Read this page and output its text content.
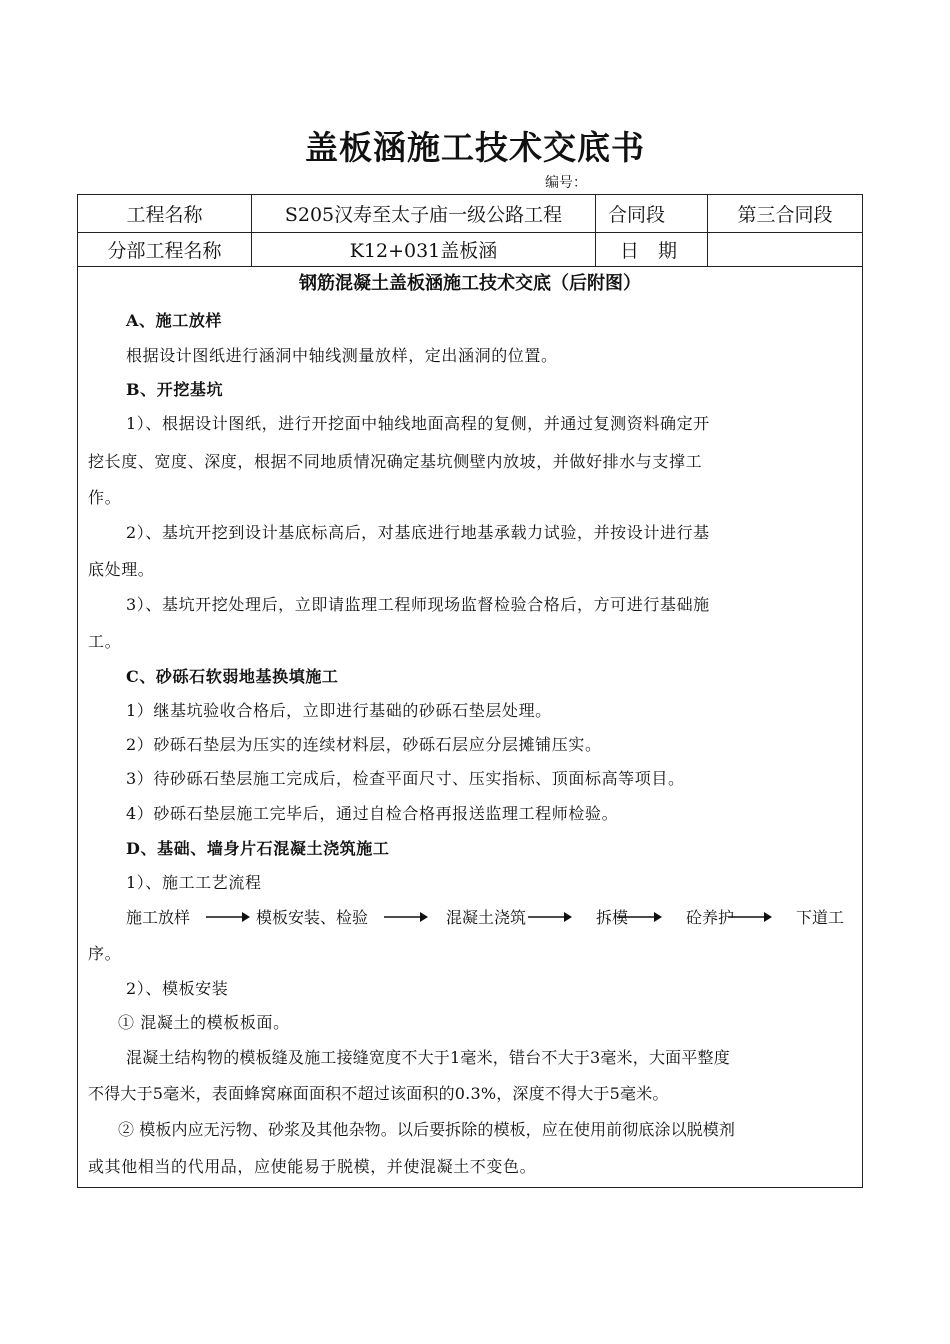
盖板涵施工技术交底书
编号：
工程名称	S205汉寿至太子庙一级公路工程	合同段	第三合同段
分部工程名称	K12+031盖板涵	日　期
钢筋混凝土盖板涵施工技术交底（后附图）
A、施工放样
根据设计图纸进行涵洞中轴线测量放样，定出涵洞的位置。
B、开挖基坑
1）、根据设计图纸，进行开挖面中轴线地面高程的复侧，并通过复测资料确定开
挖长度、宽度、深度，根据不同地质情况确定基坑侧壁内放坡，并做好排水与支撑工
作。
2）、基坑开挖到设计基底标高后，对基底进行地基承载力试验，并按设计进行基
底处理。
3）、基坑开挖处理后，立即请监理工程师现场监督检验合格后，方可进行基础施
工。
C、砂砾石软弱地基换填施工
1）继基坑验收合格后，立即进行基础的砂砾石垫层处理。
2）砂砾石垫层为压实的连续材料层，砂砾石层应分层摊铺压实。
3）待砂砾石垫层施工完成后，检查平面尺寸、压实指标、顶面标高等项目。
4）砂砾石垫层施工完毕后，通过自检合格再报送监理工程师检验。
D、基础、墙身片石混凝土浇筑施工
1）、施工工艺流程
施工放样	模板安装、检验	混凝土浇筑	拆模	砼养护	下道工
序。
2）、模板安装
① 混凝土的模板板面。
混凝土结构物的模板缝及施工接缝宽度不大于1毫米，错台不大于3毫米，大面平整度
不得大于5毫米，表面蜂窝麻面面积不超过该面积的0.3%，深度不得大于5毫米。
② 模板内应无污物、砂浆及其他杂物。以后要拆除的模板，应在使用前彻底涂以脱模剂
或其他相当的代用品，应使能易于脱模，并使混凝土不变色。
